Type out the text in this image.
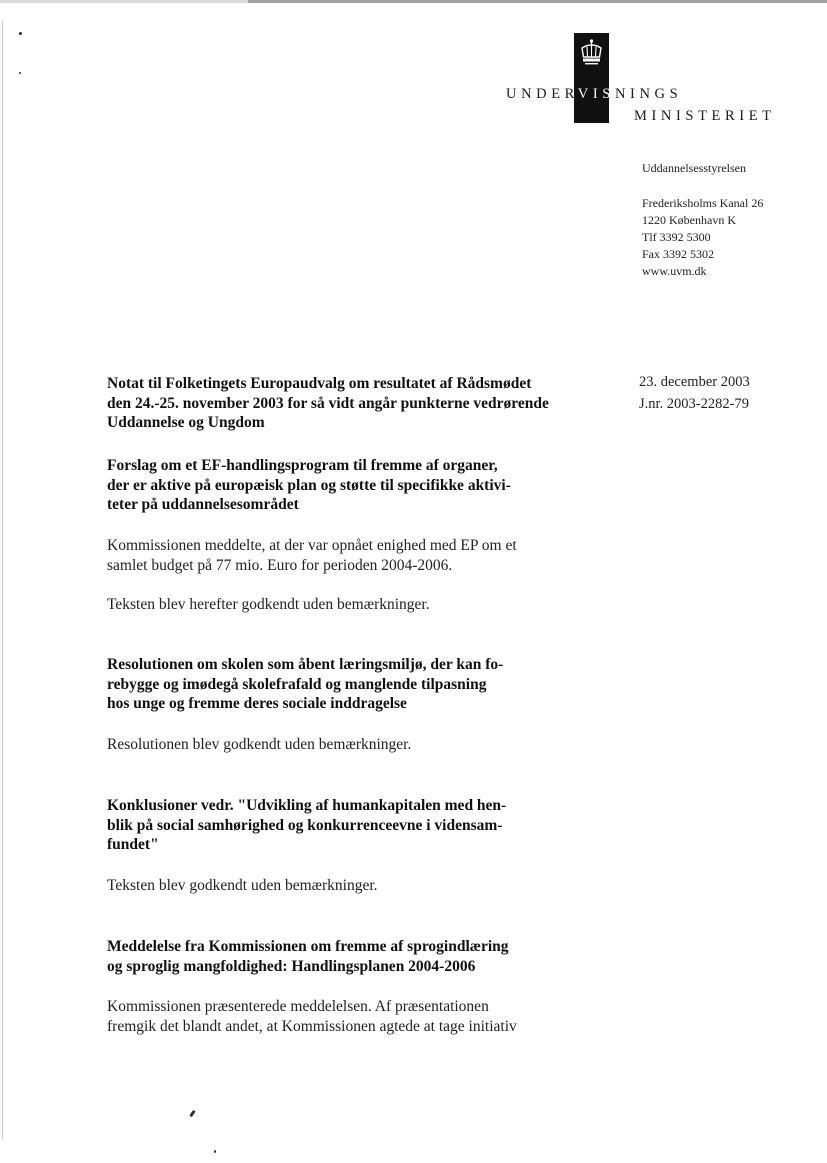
UNDERVISNINGS
MINISTERIET
Uddannelsesstyrelsen
Frederiksholms Kanal 26
1220 København K
Tlf 3392 5300
Fax 3392 5302
www.uvm.dk
23. december 2003
J.nr. 2003-2282-79
Notat til Folketingets Europaudvalg om resultatet af Rådsmødet
den 24.-25. november 2003 for så vidt angår punkterne vedrørende
Uddannelse og Ungdom
Forslag om et EF-handlingsprogram til fremme af organer,
der er aktive på europæisk plan og støtte til specifikke aktivi-
teter på uddannelsesområdet
Kommissionen meddelte, at der var opnået enighed med EP om et
samlet budget på 77 mio. Euro for perioden 2004-2006.
Teksten blev herefter godkendt uden bemærkninger.
Resolutionen om skolen som åbent læringsmiljø, der kan fo-
rebygge og imødegå skolefrafald og manglende tilpasning
hos unge og fremme deres sociale inddragelse
Resolutionen blev godkendt uden bemærkninger.
Konklusioner vedr. "Udvikling af humankapitalen med hen-
blik på social samhørighed og konkurrenceevne i vidensam-
fundet"
Teksten blev godkendt uden bemærkninger.
Meddelelse fra Kommissionen om fremme af sprogindlæring
og sproglig mangfoldighed: Handlingsplanen 2004-2006
Kommissionen præsenterede meddelelsen. Af præsentationen
fremgik det blandt andet, at Kommissionen agtede at tage initiativ
